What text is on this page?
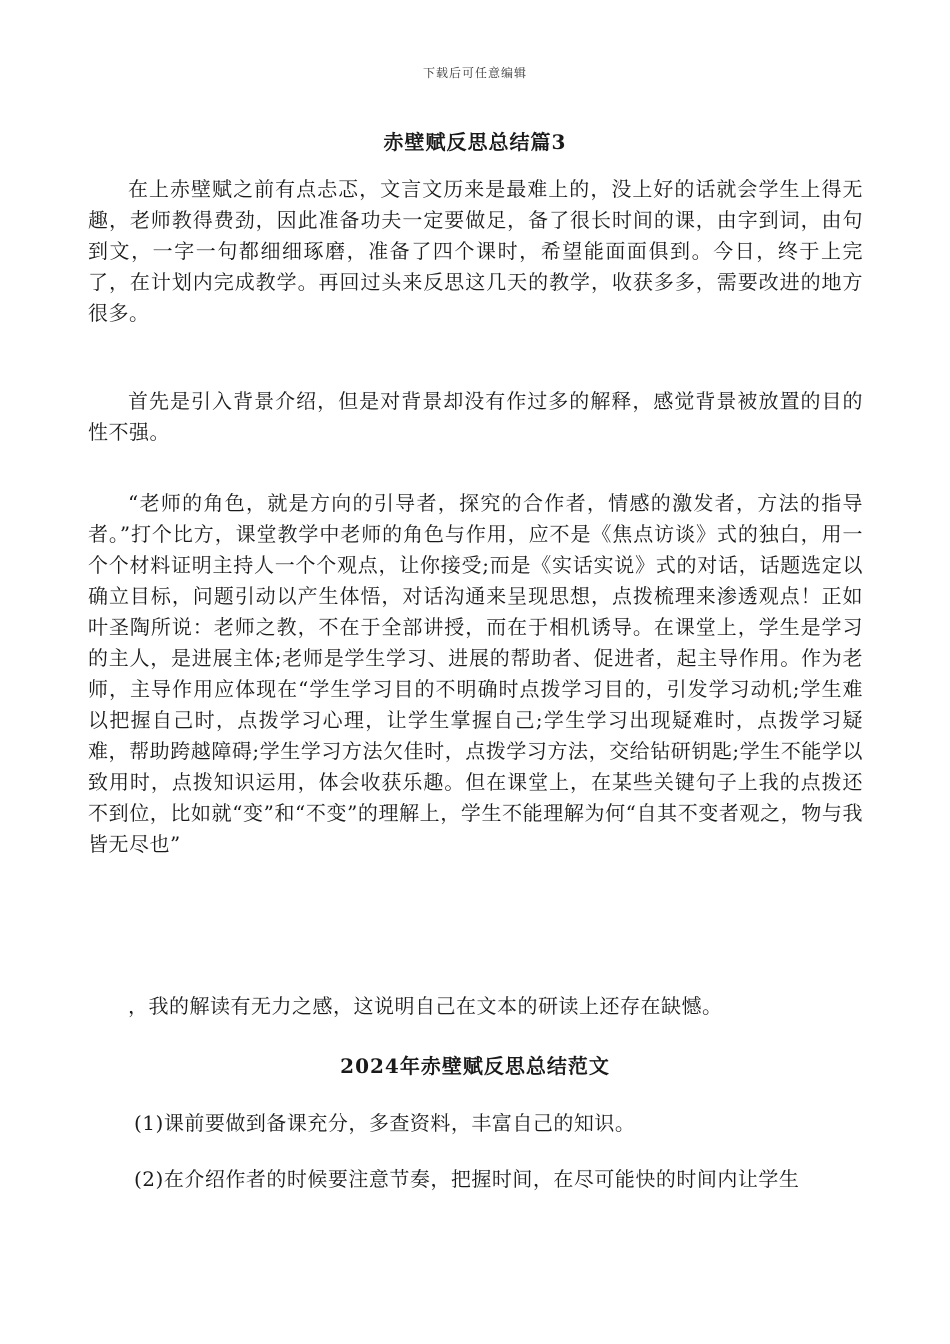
下载后可任意编辑
赤壁赋反思总结篇3
在上赤壁赋之前有点忐忑，文言文历来是最难上的，没上好的话就会学生上得无趣，老师教得费劲，因此准备功夫一定要做足，备了很长时间的课，由字到词，由句到文，一字一句都细细琢磨，准备了四个课时，希望能面面俱到。今日，终于上完了，在计划内完成教学。再回过头来反思这几天的教学，收获多多，需要改进的地方很多。
首先是引入背景介绍，但是对背景却没有作过多的解释，感觉背景被放置的目的性不强。
“老师的角色，就是方向的引导者，探究的合作者，情感的激发者，方法的指导者。”打个比方，课堂教学中老师的角色与作用，应不是《焦点访谈》式的独白，用一个个材料证明主持人一个个观点，让你接受;而是《实话实说》式的对话，话题选定以确立目标，问题引动以产生体悟，对话沟通来呈现思想，点拨梳理来渗透观点！正如叶圣陶所说：老师之教，不在于全部讲授，而在于相机诱导。在课堂上，学生是学习的主人，是进展主体;老师是学生学习、进展的帮助者、促进者，起主导作用。作为老师，主导作用应体现在“学生学习目的不明确时点拨学习目的，引发学习动机;学生难以把握自己时，点拨学习心理，让学生掌握自己;学生学习出现疑难时，点拨学习疑难，帮助跨越障碍;学生学习方法欠佳时，点拨学习方法，交给钻研钥匙;学生不能学以致用时，点拨知识运用，体会收获乐趣。但在课堂上，在某些关键句子上我的点拨还不到位，比如就“变”和“不变”的理解上，学生不能理解为何“自其不变者观之，物与我皆无尽也”
，我的解读有无力之感，这说明自己在文本的研读上还存在缺憾。
2024年赤壁赋反思总结范文
(1)课前要做到备课充分，多查资料，丰富自己的知识。
(2)在介绍作者的时候要注意节奏，把握时间，在尽可能快的时间内让学生
